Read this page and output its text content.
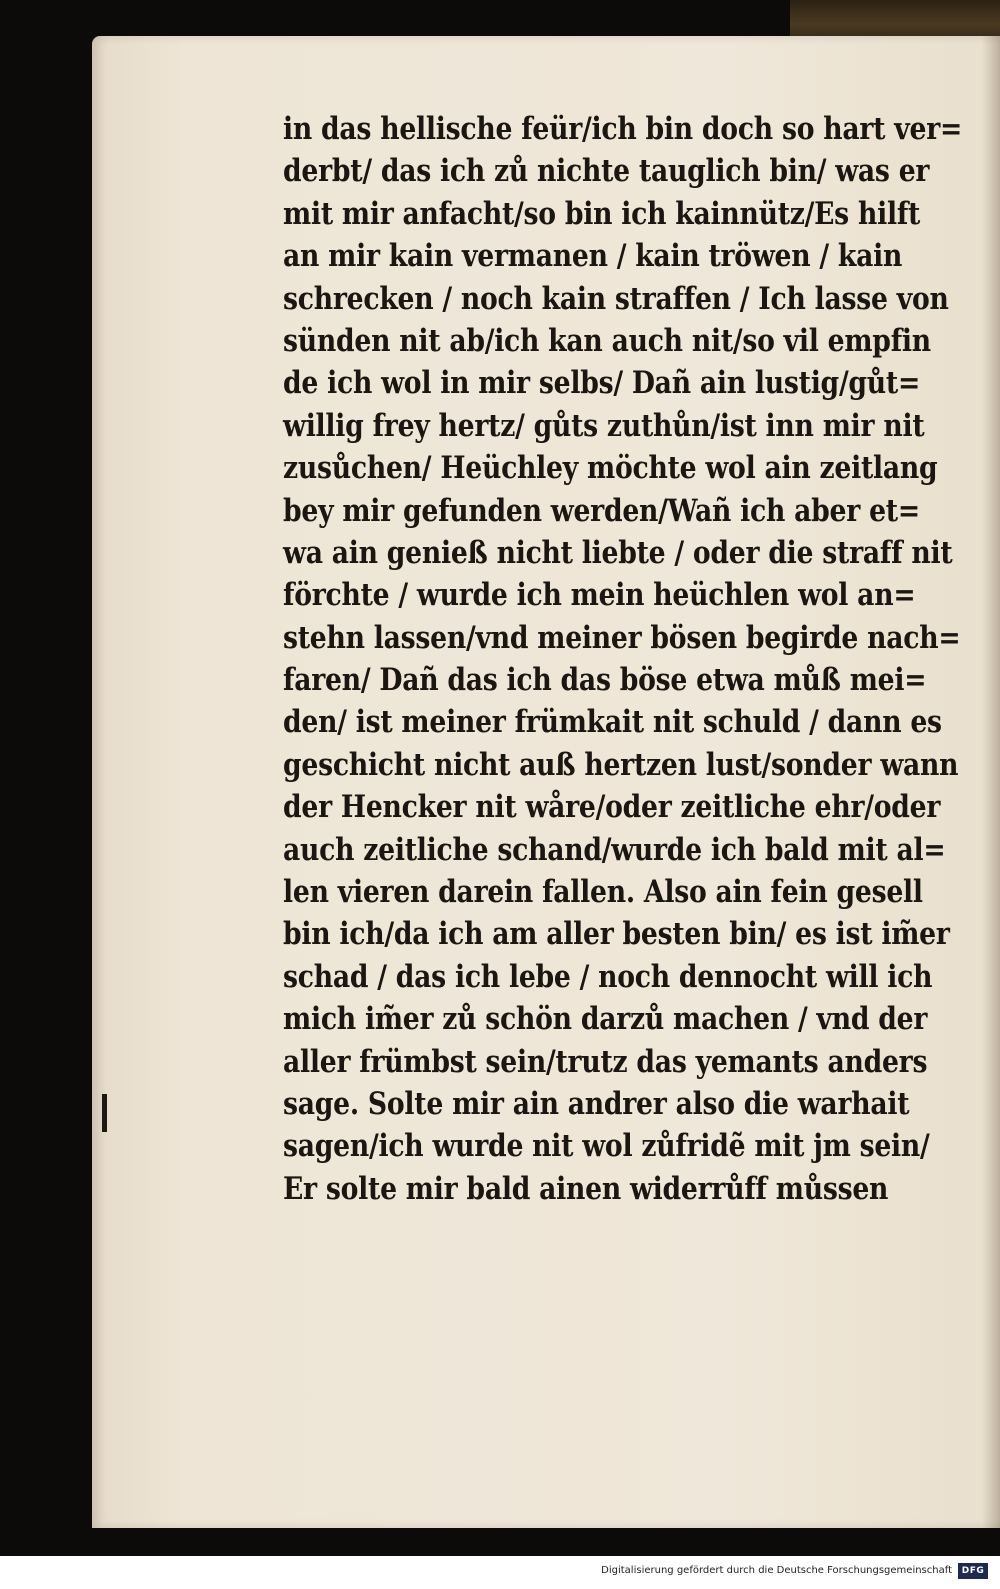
in das hellische feür/ich bin doch so hart ver=
derbt/ das ich zů nichte tauglich bin/ was er
mit mir anfacht/so bin ich kainnütz/Es hilft
an mir kain vermanen / kain tröwen / kain
schrecken / noch kain straffen / Ich lasse von
sünden nit ab/ich kan auch nit/so vil empfin
de ich wol in mir selbs/ Dañ ain lustig/gůt=
willig frey hertz/ gůts zuthůn/ist inn mir nit
zusůchen/ Heüchley möchte wol ain zeitlang
bey mir gefunden werden/Wañ ich aber et=
wa ain genieß nicht liebte / oder die straff nit
förchte / wurde ich mein heüchlen wol an=
stehn lassen/vnd meiner bösen begirde nach=
faren/ Dañ das ich das böse etwa můß mei=
den/ ist meiner frümkait nit schuld / dann es
geschicht nicht auß hertzen lust/sonder wann
der Hencker nit wåre/oder zeitliche ehr/oder
auch zeitliche schand/wurde ich bald mit al=
len vieren darein fallen. Also ain fein gesell
bin ich/da ich am aller besten bin/ es ist im̃er
schad / das ich lebe / noch dennocht will ich
mich im̃er zů schön darzů machen / vnd der
aller frümbst sein/trutz das yemants anders
sage. Solte mir ain andrer also die warhait
sagen/ich wurde nit wol zůfridẽ mit jm sein/
Er solte mir bald ainen widerrůff můssen
Digitalisierung gefördert durch die Deutsche Forschungsgemeinschaft	DFG
